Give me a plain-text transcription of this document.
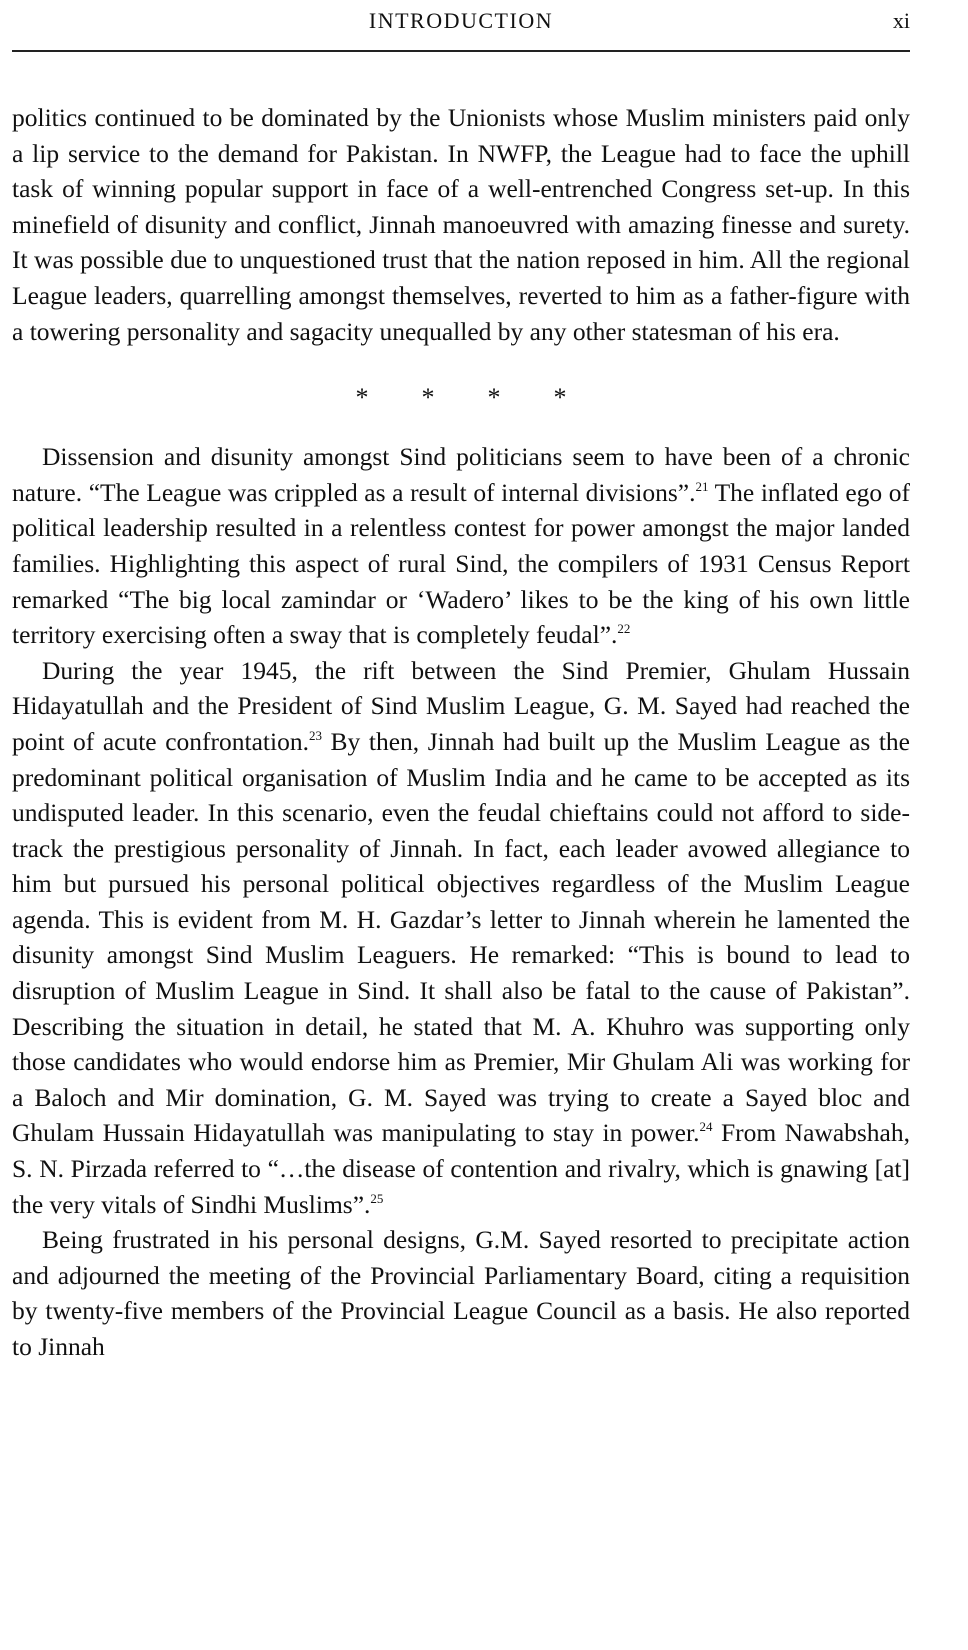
INTRODUCTION	xi

politics continued to be dominated by the Unionists whose Muslim ministers paid only a lip service to the demand for Pakistan. In NWFP, the League had to face the uphill task of winning popular support in face of a well-entrenched Congress set-up. In this minefield of disunity and conflict, Jinnah manoeuvred with amazing finesse and surety. It was possible due to unquestioned trust that the nation reposed in him. All the regional League leaders, quarrelling amongst themselves, reverted to him as a father-figure with a towering personality and sagacity unequalled by any other statesman of his era.

* * * *

Dissension and disunity amongst Sind politicians seem to have been of a chronic nature. “The League was crippled as a result of internal divisions”.$^{21}$ The inflated ego of political leadership resulted in a relentless contest for power amongst the major landed families. Highlighting this aspect of rural Sind, the compilers of 1931 Census Report remarked “The big local zamindar or ‘Wadero’ likes to be the king of his own little territory exercising often a sway that is completely feudal”.$^{22}$

During the year 1945, the rift between the Sind Premier, Ghulam Hussain Hidayatullah and the President of Sind Muslim League, G. M. Sayed had reached the point of acute confrontation.$^{23}$ By then, Jinnah had built up the Muslim League as the predominant political organisation of Muslim India and he came to be accepted as its undisputed leader. In this scenario, even the feudal chieftains could not afford to side-track the prestigious personality of Jinnah. In fact, each leader avowed allegiance to him but pursued his personal political objectives regardless of the Muslim League agenda. This is evident from M. H. Gazdar’s letter to Jinnah wherein he lamented the disunity amongst Sind Muslim Leaguers. He remarked: “This is bound to lead to disruption of Muslim League in Sind. It shall also be fatal to the cause of Pakistan”. Describing the situation in detail, he stated that M. A. Khuhro was supporting only those candidates who would endorse him as Premier, Mir Ghulam Ali was working for a Baloch and Mir domination, G. M. Sayed was trying to create a Sayed bloc and Ghulam Hussain Hidayatullah was manipulating to stay in power.$^{24}$ From Nawabshah, S. N. Pirzada referred to “…the disease of contention and rivalry, which is gnawing [at] the very vitals of Sindhi Muslims”.$^{25}$

Being frustrated in his personal designs, G.M. Sayed resorted to precipitate action and adjourned the meeting of the Provincial Parliamentary Board, citing a requisition by twenty-five members of the Provincial League Council as a basis. He also reported to Jinnah
